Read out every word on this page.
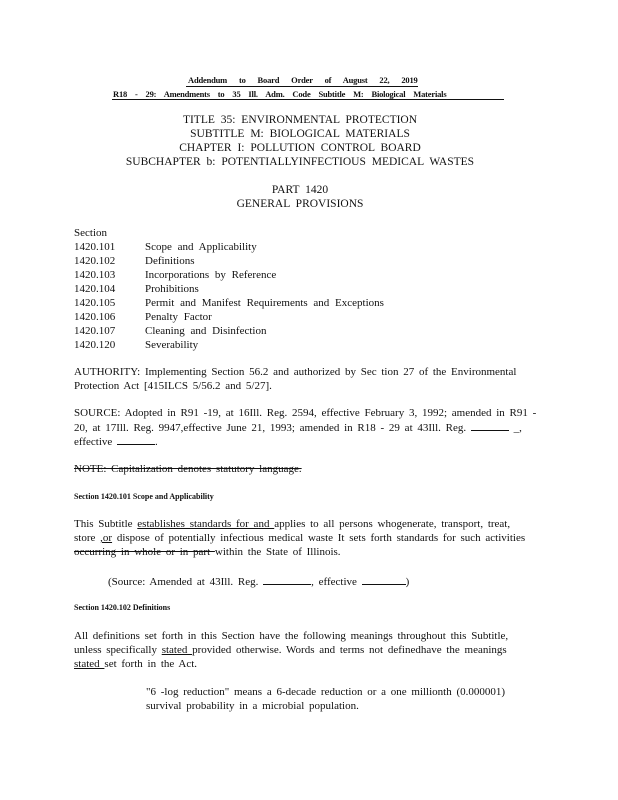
Addendum to Board Order of August 22, 2019
R18 - 29: Amendments to 35 Ill. Adm. Code Subtitle M: Biological Materials
TITLE 35: ENVIRONMENTAL PROTECTION
SUBTITLE M: BIOLOGICAL MATERIALS
CHAPTER I: POLLUTION CONTROL BOARD
SUBCHAPTER b: POTENTIALLYINFECTIOUS MEDICAL WASTES
PART 1420
GENERAL PROVISIONS
Section
1420.101	Scope and Applicability
1420.102	Definitions
1420.103	Incorporations by Reference
1420.104	Prohibitions
1420.105	Permit and Manifest Requirements and Exceptions
1420.106	Penalty Factor
1420.107	Cleaning and Disinfection
1420.120	Severability
AUTHORITY: Implementing Section 56.2 and authorized by Sec tion 27 of the Environmental
Protection Act [415ILCS 5/56.2 and 5/27].
SOURCE: Adopted in R91 -19, at 16Ill. Reg. 2594, effective February 3, 1992; amended in R91 -
20, at 17Ill. Reg. 9947,effective June 21, 1993; amended in R18 - 29 at 43Ill. Reg.	_,
effective	.
NOTE: Capitalization denotes statutory language.
Section 1420.101 Scope and Applicability
This Subtitle establishes standards for and applies to all persons whogenerate, transport, treat,
store ,or dispose of potentially infectious medical waste It sets forth standards for such activities
occurring in whole or in part within the State of Illinois.
(Source: Amended at 43Ill. Reg.	, effective	)
Section 1420.102 Definitions
All definitions set forth in this Section have the following meanings throughout this Subtitle,
unless specifically stated provided otherwise. Words and terms not definedhave the meanings
stated set forth in the Act.
"6 -log reduction" means a 6-decade reduction or a one millionth (0.000001)
survival probability in a microbial population.
